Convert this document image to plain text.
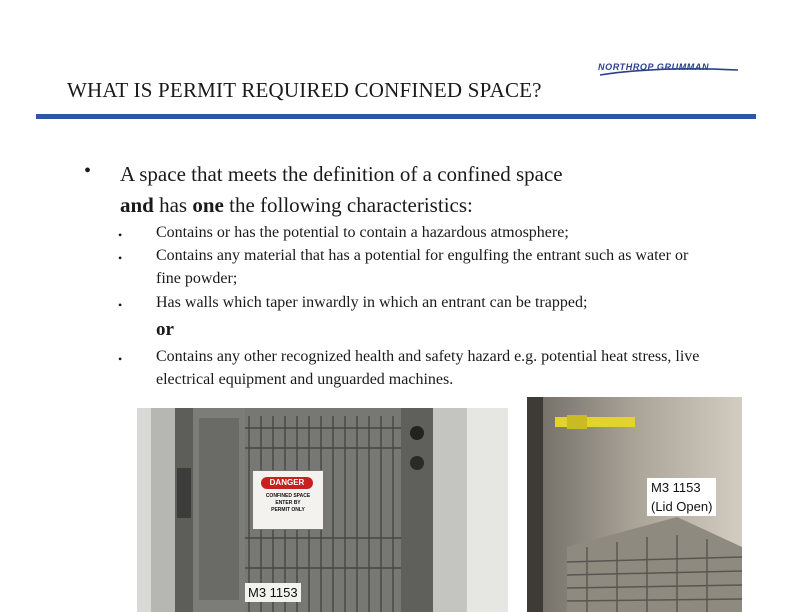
NORTHROP GRUMMAN
WHAT IS PERMIT REQUIRED CONFINED SPACE?
• A space that meets the definition of a confined space
and has one the following characteristics:
• Contains or has the potential to contain a hazardous atmosphere;
• Contains any material that has a potential for engulfing the entrant such as water or fine powder;
• Has walls which taper inwardly in which an entrant can be trapped;
or
• Contains any other recognized health and safety hazard e.g. potential heat stress, live electrical equipment and unguarded machines.
DANGER
CONFINED SPACE
ENTER BY
PERMIT ONLY
M3 1153
M3 1153
(Lid Open)
